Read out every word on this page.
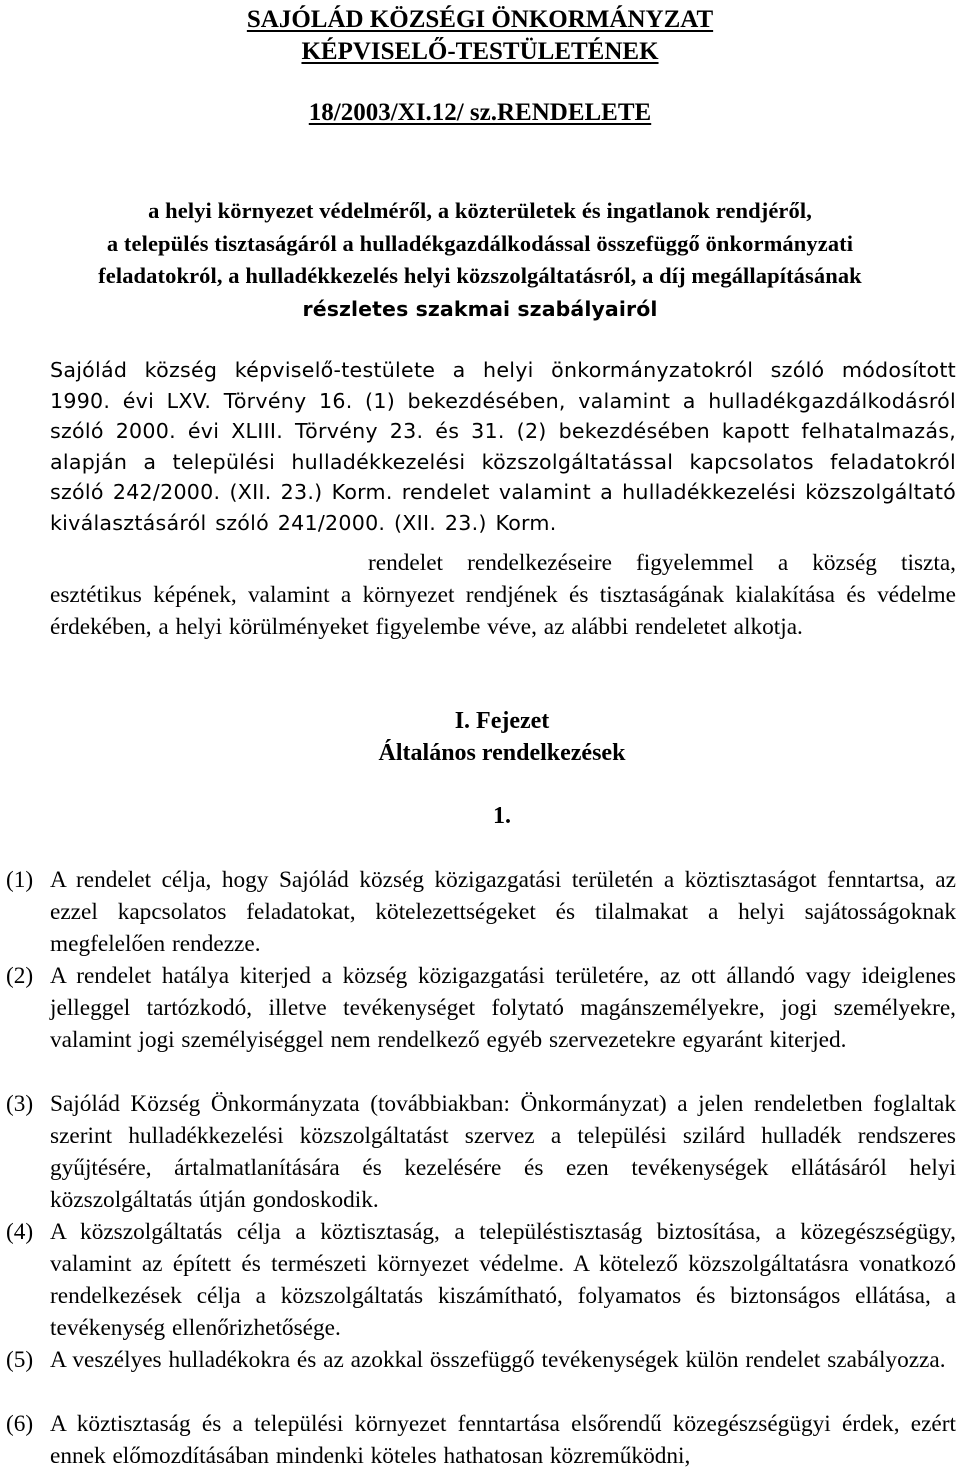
SAJÓLÁD KÖZSÉGI ÖNKORMÁNYZAT
KÉPVISELŐ-TESTÜLETÉNEK
18/2003/XI.12/ sz.RENDELETE
a helyi környezet védelméről, a közterületek és ingatlanok rendjéről,
a település tisztaságáról a hulladékgazdálkodással összefüggő önkormányzati
feladatokról, a hulladékkezelés helyi közszolgáltatásról, a díj megállapításának
részletes szakmai szabályairól
Sajólád község képviselő-testülete a helyi önkormányzatokról szóló módosított 1990. évi LXV. Törvény 16. (1) bekezdésében, valamint a hulladékgazdálkodásról szóló 2000. évi XLIII. Törvény 23. és 31. (2) bekezdésében kapott felhatalmazás, alapján a települési hulladékkezelési közszolgáltatással kapcsolatos feladatokról szóló 242/2000. (XII. 23.) Korm. rendelet valamint a hulladékkezelési közszolgáltató kiválasztásáról szóló 241/2000. (XII. 23.) Korm.
rendelet rendelkezéseire figyelemmel a község tiszta, esztétikus képének, valamint a környezet rendjének és tisztaságának kialakítása és védelme érdekében, a helyi körülményeket figyelembe véve, az alábbi rendeletet alkotja.
I. Fejezet
Általános rendelkezések
1.
(1) A rendelet célja, hogy Sajólád község közigazgatási területén a köztisztaságot fenntartsa, az ezzel kapcsolatos feladatokat, kötelezettségeket és tilalmakat a helyi sajátosságoknak megfelelően rendezze.
(2) A rendelet hatálya kiterjed a község közigazgatási területére, az ott állandó vagy ideiglenes jelleggel tartózkodó, illetve tevékenységet folytató magánszemélyekre, jogi személyekre, valamint jogi személyiséggel nem rendelkező egyéb szervezetekre egyaránt kiterjed.
(3) Sajólád Község Önkormányzata (továbbiakban: Önkormányzat) a jelen rendeletben foglaltak szerint hulladékkezelési közszolgáltatást szervez a települési szilárd hulladék rendszeres gyűjtésére, ártalmatlanítására és kezelésére és ezen tevékenységek ellátásáról helyi közszolgáltatás útján gondoskodik.
(4) A közszolgáltatás célja a köztisztaság, a településtisztaság biztosítása, a közegészségügy, valamint az épített és természeti környezet védelme. A kötelező közszolgáltatásra vonatkozó rendelkezések célja a közszolgáltatás kiszámítható, folyamatos és biztonságos ellátása, a tevékenység ellenőrizhetősége.
(5) A veszélyes hulladékokra és az azokkal összefüggő tevékenységek külön rendelet szabályozza.
(6) A köztisztaság és a települési környezet fenntartása elsőrendű közegészségügyi érdek, ezért ennek előmozdításában mindenki köteles hathatosan közreműködni,
